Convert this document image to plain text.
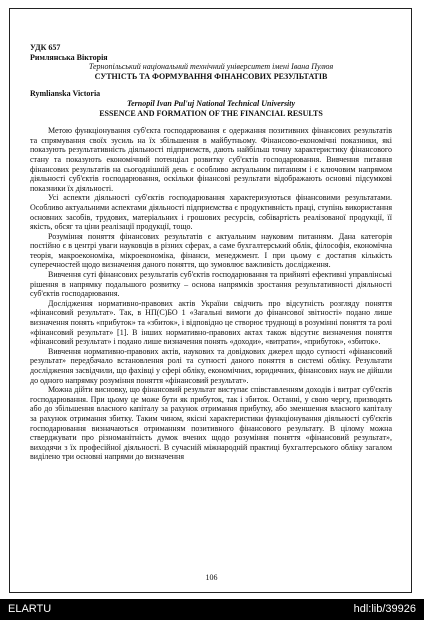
УДК 657

Римлянська Вікторія

Тернопільський національний технічний університет імені Івана Пулюя

СУТНІСТЬ ТА ФОРМУВАННЯ ФІНАНСОВИХ РЕЗУЛЬТАТІВ

Rymlianska Victoria

Ternopil Ivan Pul'uj National Technical University

ESSENCE AND FORMATION OF THE FINANCIAL RESULTS

Метою функціонування суб'єкта господарювання є одержання позитивних фінансових результатів та спрямування своїх зусиль на їх збільшення в майбутньому. Фінансово-економічні показники, які показують результативність діяльності підприємств, дають найбільш точну характеристику фінансового стану та показують економічний потенціал розвитку суб'єктів господарювання. Вивчення питання фінансових результатів на сьогоднішній день є особливо актуальним питанням і є ключовим напрямом діяльності суб'єктів господарювання, оскільки фінансові результати відображають основні підсумкові показники їх діяльності.

Усі аспекти діяльності суб'єктів господарювання характеризуються фінансовими результатами. Особливо актуальними аспектами діяльності підприємства є продуктивність праці, ступінь використання основних засобів, трудових, матеріальних і грошових ресурсів, собівартість реалізованої продукції, її якість, обсяг та ціни реалізації продукції, тощо.

Розуміння поняття фінансових результатів є актуальним науковим питанням. Дана категорія постійно є в центрі уваги науковців в різних сферах, а саме бухгалтерський облік, філософія, економічна теорія, макроекономіка, мікроекономіка, фінанси, менеджмент. І при цьому є достатня кількість суперечностей щодо визначення даного поняття, що зумовлює важливість дослідження.

Вивчення суті фінансових результатів суб'єктів господарювання та прийняті ефективні управлінські рішення в напрямку подальшого розвитку – основа напрямків зростання результативності діяльності суб'єктів господарювання.

Дослідження нормативно-правових актів України свідчить про відсутність розгляду поняття «фінансовий результат». Так, в НП(С)БО 1 «Загальні вимоги до фінансової звітності» подано лише визначення понять «прибуток» та «збиток», і відповідно це створює труднощі в розумінні поняття та ролі «фінансовий результат» [1]. В інших нормативно-правових актах також відсутнє визначення поняття «фінансовий результат» і подано лише визначення понять «доходи», «витрати», «прибуток», «збиток».

Вивчення нормативно-правових актів, наукових та довідкових джерел щодо сутності «фінансовий результат» передбачало встановлення ролі та сутності даного поняття в системі обліку. Результати дослідження засвідчили, що фахівці у сфері обліку, економічних, юридичних, фінансових наук не дійшли до одного напрямку розуміння поняття «фінансовий результат».

Можна дійти висновку, що фінансовий результат виступає співставленням доходів і витрат суб'єктів господарювання. При цьому це може бути як прибуток, так і збиток. Останні, у свою чергу, призводять або до збільшення власного капіталу за рахунок отримання прибутку, або зменшення власного капіталу за рахунок отримання збитку. Таким чином, якісні характеристики функціонування діяльності суб'єктів господарювання визначаються отриманням позитивного фінансового результату. В цілому можна стверджувати про різноманітність думок вчених щодо розуміння поняття «фінансовий результат», виходячи з їх професійної діяльності. В сучасній міжнародній практиці бухгалтерського обліку загалом виділено три основні напрями до визначення

106
ELARTU	hdl:lib/39926
